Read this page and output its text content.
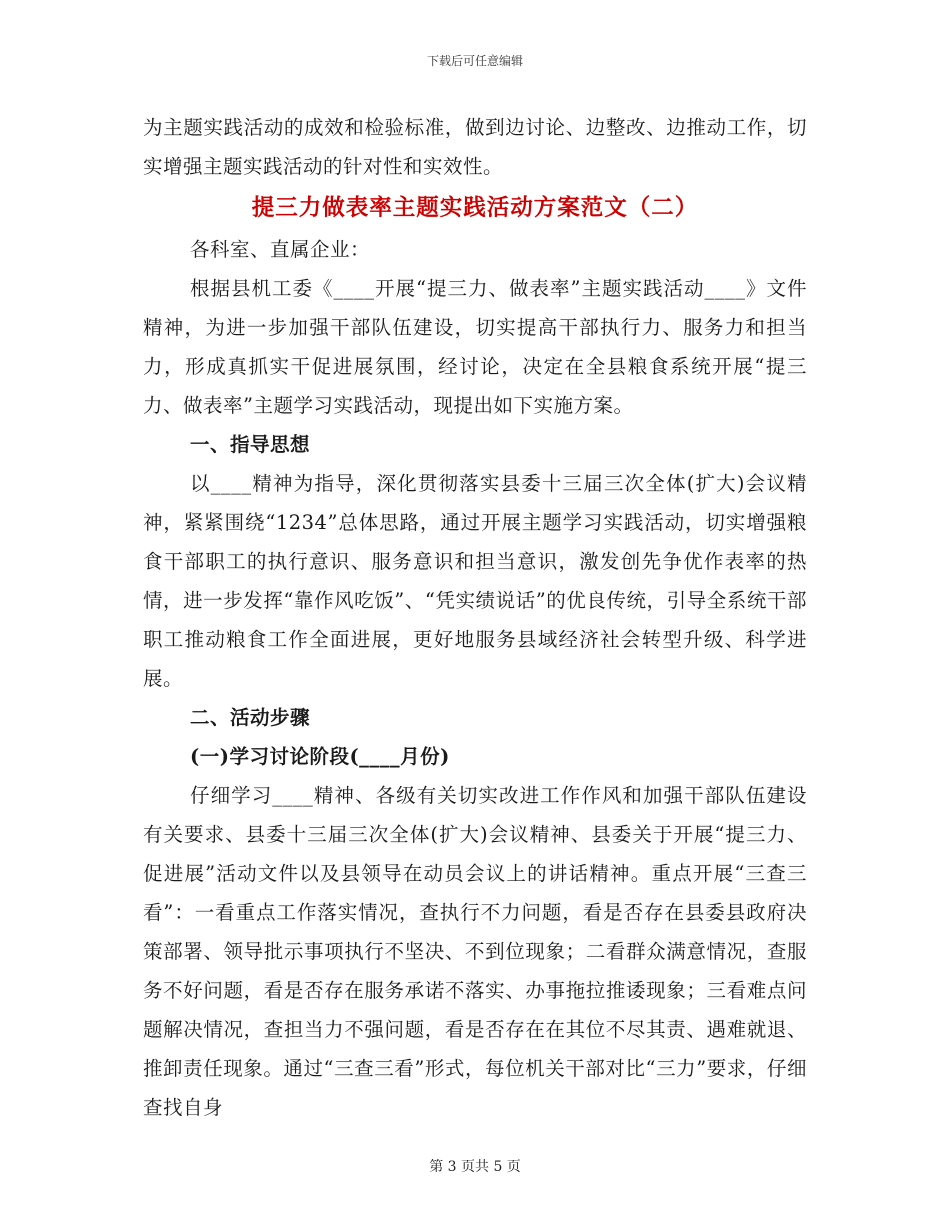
下载后可任意编辑

为主题实践活动的成效和检验标准，做到边讨论、边整改、边推动工作，切实增强主题实践活动的针对性和实效性。

提三力做表率主题实践活动方案范文（二）

各科室、直属企业：

根据县机工委《____开展“提三力、做表率”主题实践活动____》文件精神，为进一步加强干部队伍建设，切实提高干部执行力、服务力和担当力，形成真抓实干促进展氛围，经讨论，决定在全县粮食系统开展“提三力、做表率”主题学习实践活动，现提出如下实施方案。

一、指导思想

以____精神为指导，深化贯彻落实县委十三届三次全体(扩大)会议精神，紧紧围绕“1234”总体思路，通过开展主题学习实践活动，切实增强粮食干部职工的执行意识、服务意识和担当意识，激发创先争优作表率的热情，进一步发挥“靠作风吃饭”、“凭实绩说话”的优良传统，引导全系统干部职工推动粮食工作全面进展，更好地服务县域经济社会转型升级、科学进展。

二、活动步骤

(一)学习讨论阶段(____月份)

仔细学习____精神、各级有关切实改进工作作风和加强干部队伍建设有关要求、县委十三届三次全体(扩大)会议精神、县委关于开展“提三力、促进展”活动文件以及县领导在动员会议上的讲话精神。重点开展“三查三看”：一看重点工作落实情况，查执行不力问题，看是否存在县委县政府决策部署、领导批示事项执行不坚决、不到位现象；二看群众满意情况，查服务不好问题，看是否存在服务承诺不落实、办事拖拉推诿现象；三看难点问题解决情况，查担当力不强问题，看是否存在在其位不尽其责、遇难就退、推卸责任现象。通过“三查三看”形式，每位机关干部对比“三力”要求，仔细查找自身

第 3 页共 5 页
